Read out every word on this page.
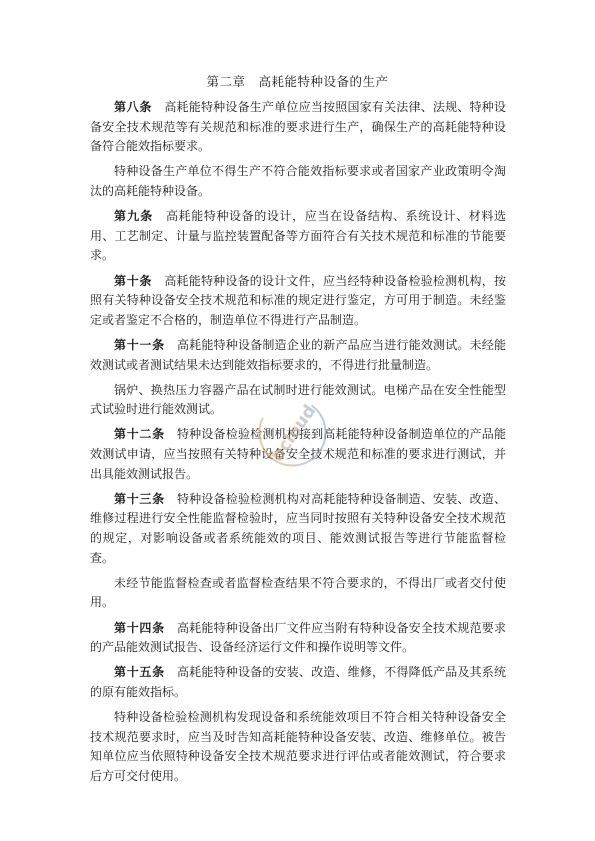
第二章　高耗能特种设备的生产

第八条　 高耗能特种设备生产单位应当按照国家有关法律、法规、特种设备安全技术规范等有关规范和标准的要求进行生产，确保生产的高耗能特种设备符合能效指标要求。

特种设备生产单位不得生产不符合能效指标要求或者国家产业政策明令淘汰的高耗能特种设备。

第九条　 高耗能特种设备的设计，应当在设备结构、系统设计、材料选用、工艺制定、计量与监控装置配备等方面符合有关技术规范和标准的节能要求。

第十条　 高耗能特种设备的设计文件，应当经特种设备检验检测机构，按照有关特种设备安全技术规范和标准的规定进行鉴定，方可用于制造。未经鉴定或者鉴定不合格的，制造单位不得进行产品制造。

第十一条　 高耗能特种设备制造企业的新产品应当进行能效测试。未经能效测试或者测试结果未达到能效指标要求的，不得进行批量制造。

锅炉、换热压力容器产品在试制时进行能效测试。电梯产品在安全性能型式试验时进行能效测试。

第十二条　 特种设备检验检测机构接到高耗能特种设备制造单位的产品能效测试申请，应当按照有关特种设备安全技术规范和标准的要求进行测试，并出具能效测试报告。

第十三条　 特种设备检验检测机构对高耗能特种设备制造、安装、改造、维修过程进行安全性能监督检验时，应当同时按照有关特种设备安全技术规范的规定，对影响设备或者系统能效的项目、能效测试报告等进行节能监督检查。

未经节能监督检查或者监督检查结果不符合要求的，不得出厂或者交付使用。

第十四条　 高耗能特种设备出厂文件应当附有特种设备安全技术规范要求的产品能效测试报告、设备经济运行文件和操作说明等文件。

第十五条　 高耗能特种设备的安装、改造、维修，不得降低产品及其系统的原有能效指标。

特种设备检验检测机构发现设备和系统能效项目不符合相关特种设备安全技术规范要求时，应当及时告知高耗能特种设备安装、改造、维修单位。被告知单位应当依照特种设备安全技术规范要求进行评估或者能效测试，符合要求后方可交付使用。

bcloud
